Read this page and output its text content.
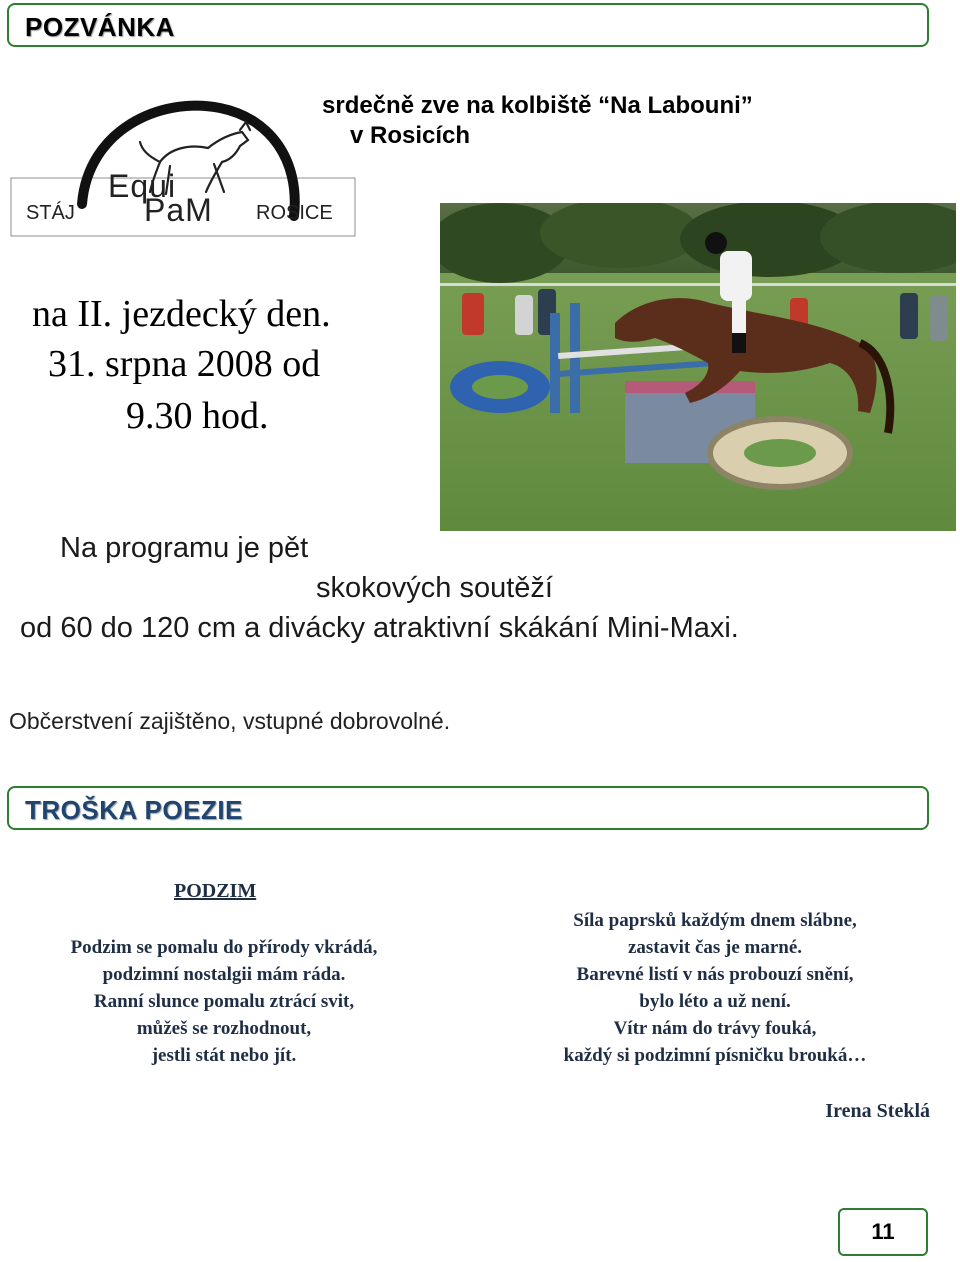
POZVÁNKA
srdečně zve na kolbiště “Na Labouni”
v Rosicích
STÁJ
Equi
PaM ROSICE
na II. jezdecký den.
31. srpna 2008 od
9.30 hod.
Na programu je pět
skokových soutěží
od 60 do 120 cm a divácky atraktivní skákání Mini-Maxi.
Občerstvení zajištěno, vstupné dobrovolné.
TROŠKA POEZIE
PODZIM
Podzim se pomalu do přírody vkrádá,
podzimní nostalgii mám ráda.
Ranní slunce pomalu ztrácí svit,
můžeš se rozhodnout,
jestli stát nebo jít.
Síla paprsků každým dnem slábne,
zastavit čas je marné.
Barevné listí v nás probouzí snění,
bylo léto a už není.
Vítr nám do trávy fouká,
každý si podzimní písničku brouká…
Irena Steklá
11
